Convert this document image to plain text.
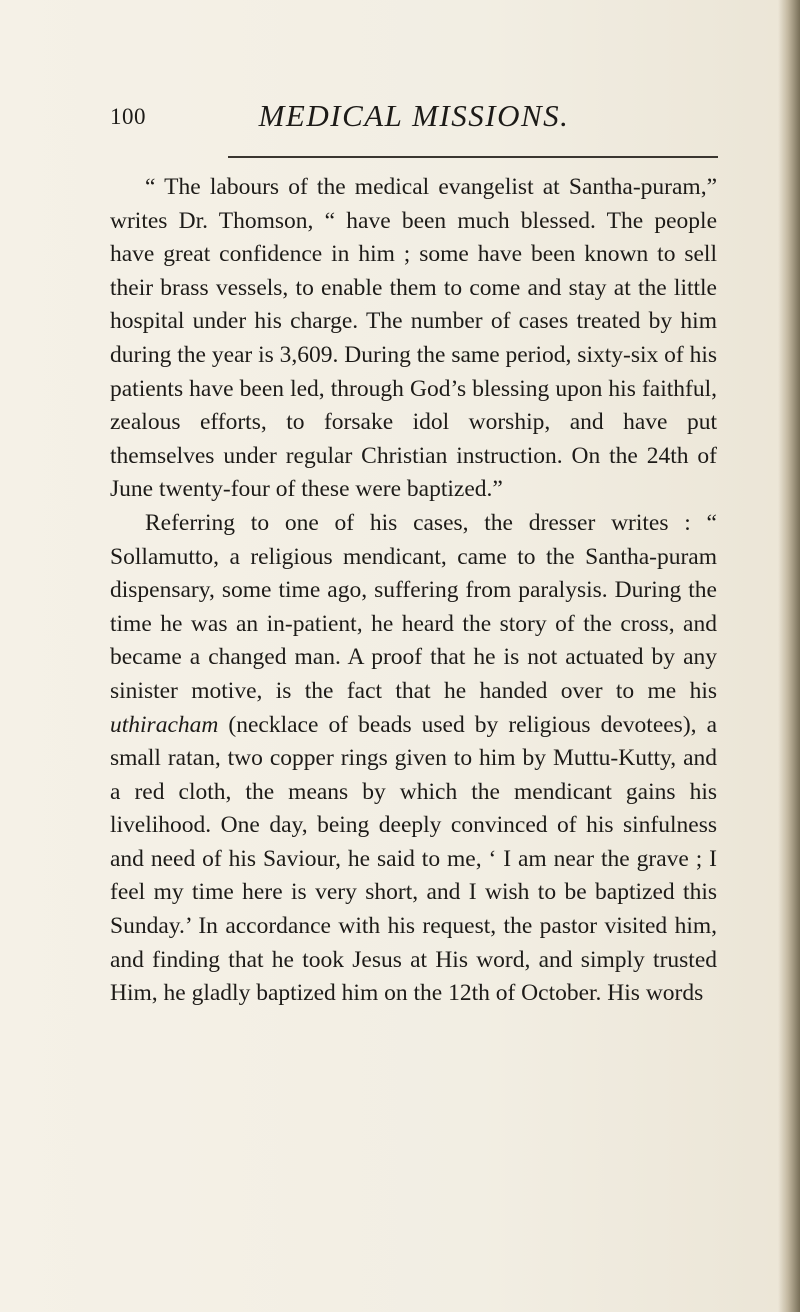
100	MEDICAL MISSIONS.

“ The labours of the medical evangelist at Santha-puram,” writes Dr. Thomson, “ have been much blessed. The people have great confidence in him ; some have been known to sell their brass vessels, to enable them to come and stay at the little hospital under his charge. The number of cases treated by him during the year is 3,609. During the same period, sixty-six of his patients have been led, through God’s blessing upon his faithful, zealous efforts, to forsake idol worship, and have put themselves under regular Christian instruction. On the 24th of June twenty-four of these were baptized.”

Referring to one of his cases, the dresser writes : “ Sollamutto, a religious mendicant, came to the Santha-puram dispensary, some time ago, suffering from paralysis. During the time he was an in-patient, he heard the story of the cross, and became a changed man. A proof that he is not actuated by any sinister motive, is the fact that he handed over to me his uthiracham (necklace of beads used by religious devotees), a small ratan, two copper rings given to him by Muttu-Kutty, and a red cloth, the means by which the mendicant gains his livelihood. One day, being deeply convinced of his sinfulness and need of his Saviour, he said to me, ‘ I am near the grave ; I feel my time here is very short, and I wish to be baptized this Sunday.’ In accordance with his request, the pastor visited him, and finding that he took Jesus at His word, and simply trusted Him, he gladly baptized him on the 12th of October. His words
